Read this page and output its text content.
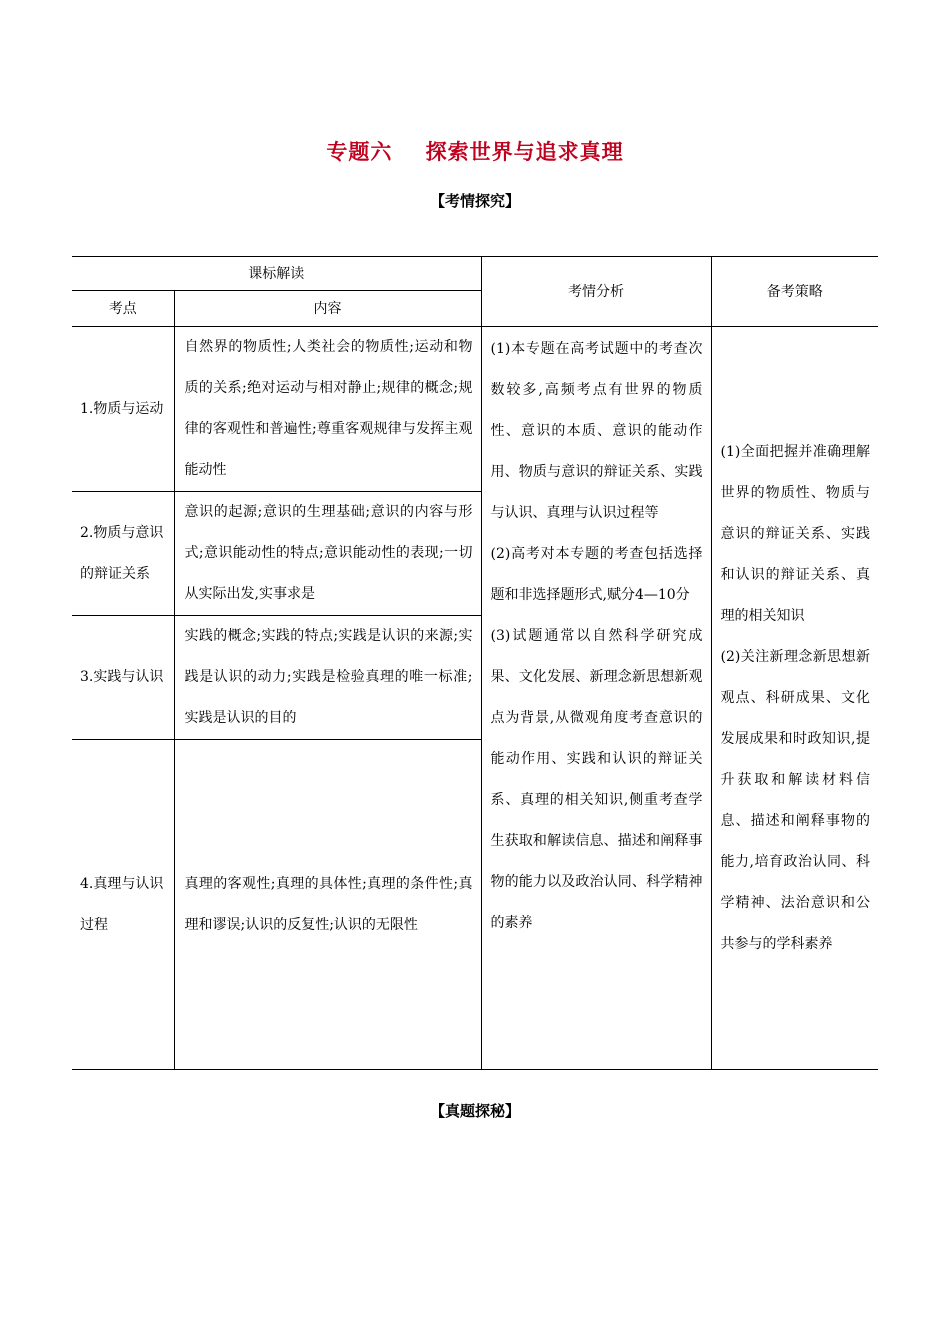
专题六    探索世界与追求真理
【考情探究】
课标解读		考情分析	备考策略
考点	内容		
1.物质与运动	自然界的物质性;人类社会的物质性;运动和物质的关系;绝对运动与相对静止;规律的概念;规律的客观性和普遍性;尊重客观规律与发挥主观能动性	(1)本专题在高考试题中的考查次数较多,高频考点有世界的物质性、意识的本质、意识的能动作用、物质与意识的辩证关系、实践与认识、真理与认识过程等
(2)高考对本专题的考查包括选择题和非选择题形式,赋分4—10分
(3)试题通常以自然科学研究成果、文化发展、新理念新思想新观点为背景,从微观角度考查意识的能动作用、实践和认识的辩证关系、真理的相关知识,侧重考查学生获取和解读信息、描述和阐释事物的能力以及政治认同、科学精神的素养	(1)全面把握并准确理解世界的物质性、物质与意识的辩证关系、实践和认识的辩证关系、真理的相关知识
(2)关注新理念新思想新观点、科研成果、文化发展成果和时政知识,提升获取和解读材料信息、描述和阐释事物的能力,培育政治认同、科学精神、法治意识和公共参与的学科素养

2.物质与意识的辩证关系	意识的起源;意识的生理基础;意识的内容与形式;意识能动性的特点;意识能动性的表现;一切从实际出发,实事求是		
3.实践与认识	实践的概念;实践的特点;实践是认识的来源;实践是认识的动力;实践是检验真理的唯一标准;实践是认识的目的		
4.真理与认识过程	真理的客观性;真理的具体性;真理的条件性;真理和谬误;认识的反复性;认识的无限性		
【真题探秘】
